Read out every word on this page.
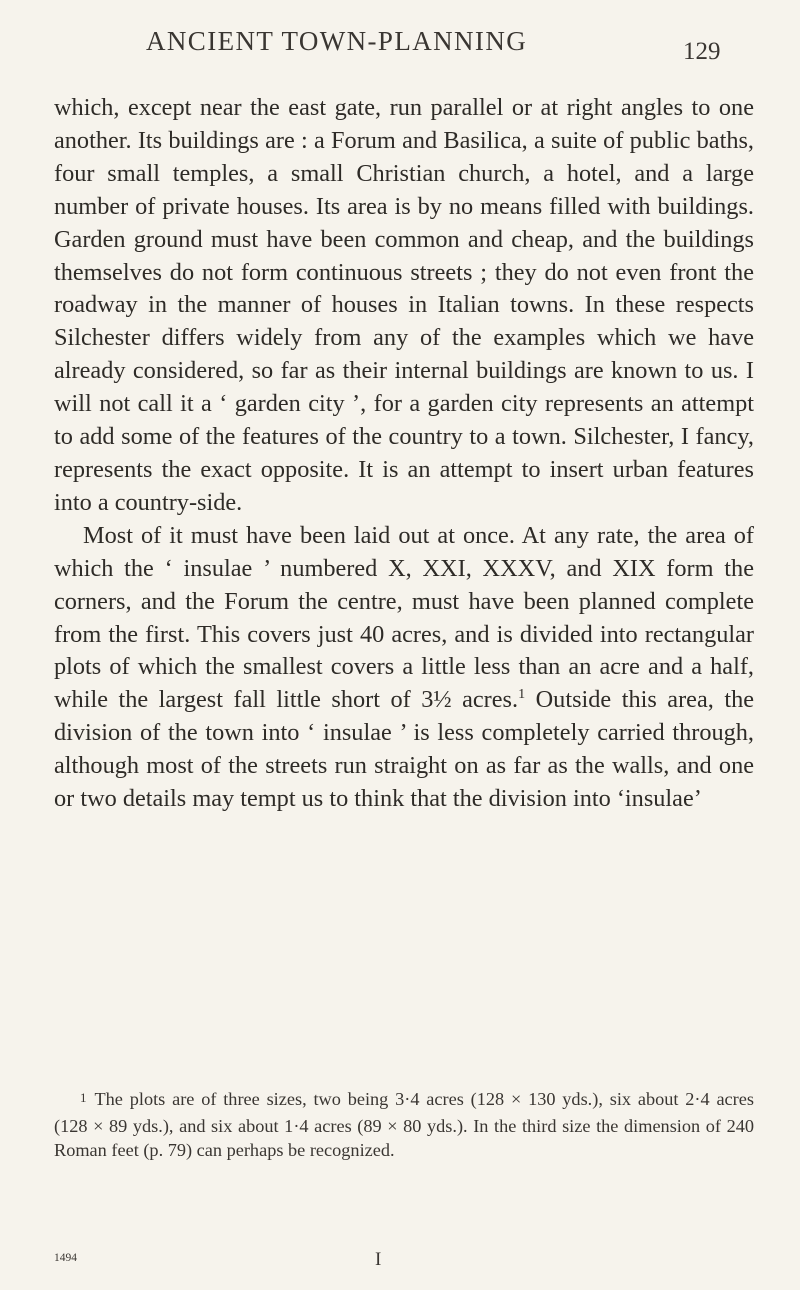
ANCIENT TOWN-PLANNING	129

which, except near the east gate, run parallel or at right angles to one another. Its buildings are : a Forum and Basilica, a suite of public baths, four small temples, a small Christian church, a hotel, and a large number of private houses. Its area is by no means filled with buildings. Garden ground must have been common and cheap, and the buildings themselves do not form continuous streets ; they do not even front the roadway in the manner of houses in Italian towns. In these respects Silchester differs widely from any of the examples which we have already considered, so far as their internal buildings are known to us. I will not call it a ‘ garden city ’, for a garden city represents an attempt to add some of the features of the country to a town. Silchester, I fancy, represents the exact opposite. It is an attempt to insert urban features into a country-side.

Most of it must have been laid out at once. At any rate, the area of which the ‘ insulae ’ numbered X, XXI, XXXV, and XIX form the corners, and the Forum the centre, must have been planned complete from the first. This covers just 40 acres, and is divided into rectangular plots of which the smallest covers a little less than an acre and a half, while the largest fall little short of 3½ acres.$^1$ Outside this area, the division of the town into ‘ insulae ’ is less completely carried through, although most of the streets run straight on as far as the walls, and one or two details may tempt us to think that the division into ‘insulae’

1 The plots are of three sizes, two being 3·4 acres (128 × 130 yds.), six about 2·4 acres (128 × 89 yds.), and six about 1·4 acres (89 × 80 yds.). In the third size the dimension of 240 Roman feet (p. 79) can perhaps be recognized.

1494	I
